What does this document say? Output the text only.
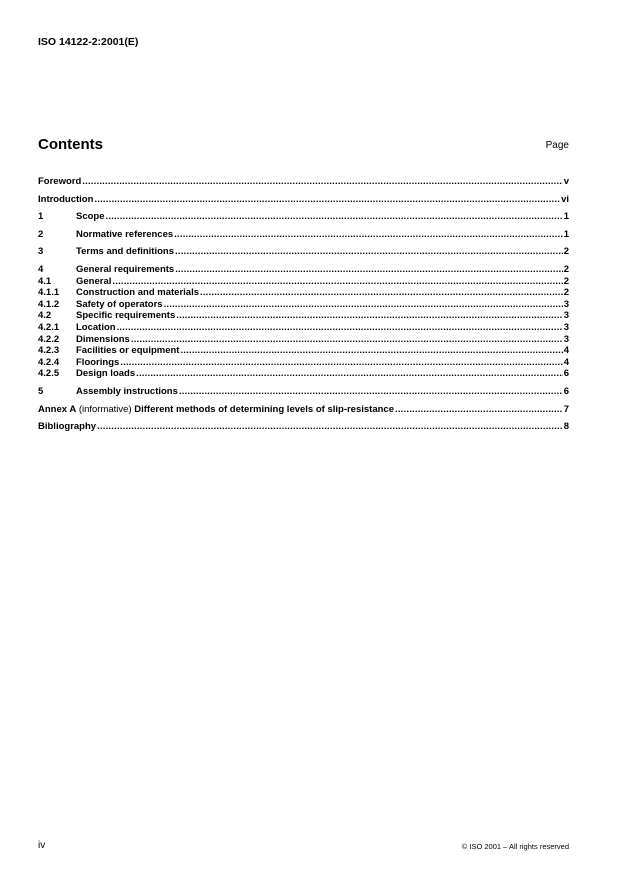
ISO 14122-2:2001(E)
Contents	Page
Foreword .....	v
Introduction .....	vi
1	Scope .....	1
2	Normative references .....	1
3	Terms and definitions .....	2
4	General requirements .....	2
4.1	General .....	2
4.1.1	Construction and materials .....	2
4.1.2	Safety of operators .....	3
4.2	Specific requirements .....	3
4.2.1	Location .....	3
4.2.2	Dimensions .....	3
4.2.3	Facilities or equipment .....	4
4.2.4	Floorings .....	4
4.2.5	Design loads .....	6
5	Assembly instructions .....	6
Annex A (informative) Different methods of determining levels of slip-resistance .....	7
Bibliography .....	8
iv	© ISO 2001 – All rights reserved
